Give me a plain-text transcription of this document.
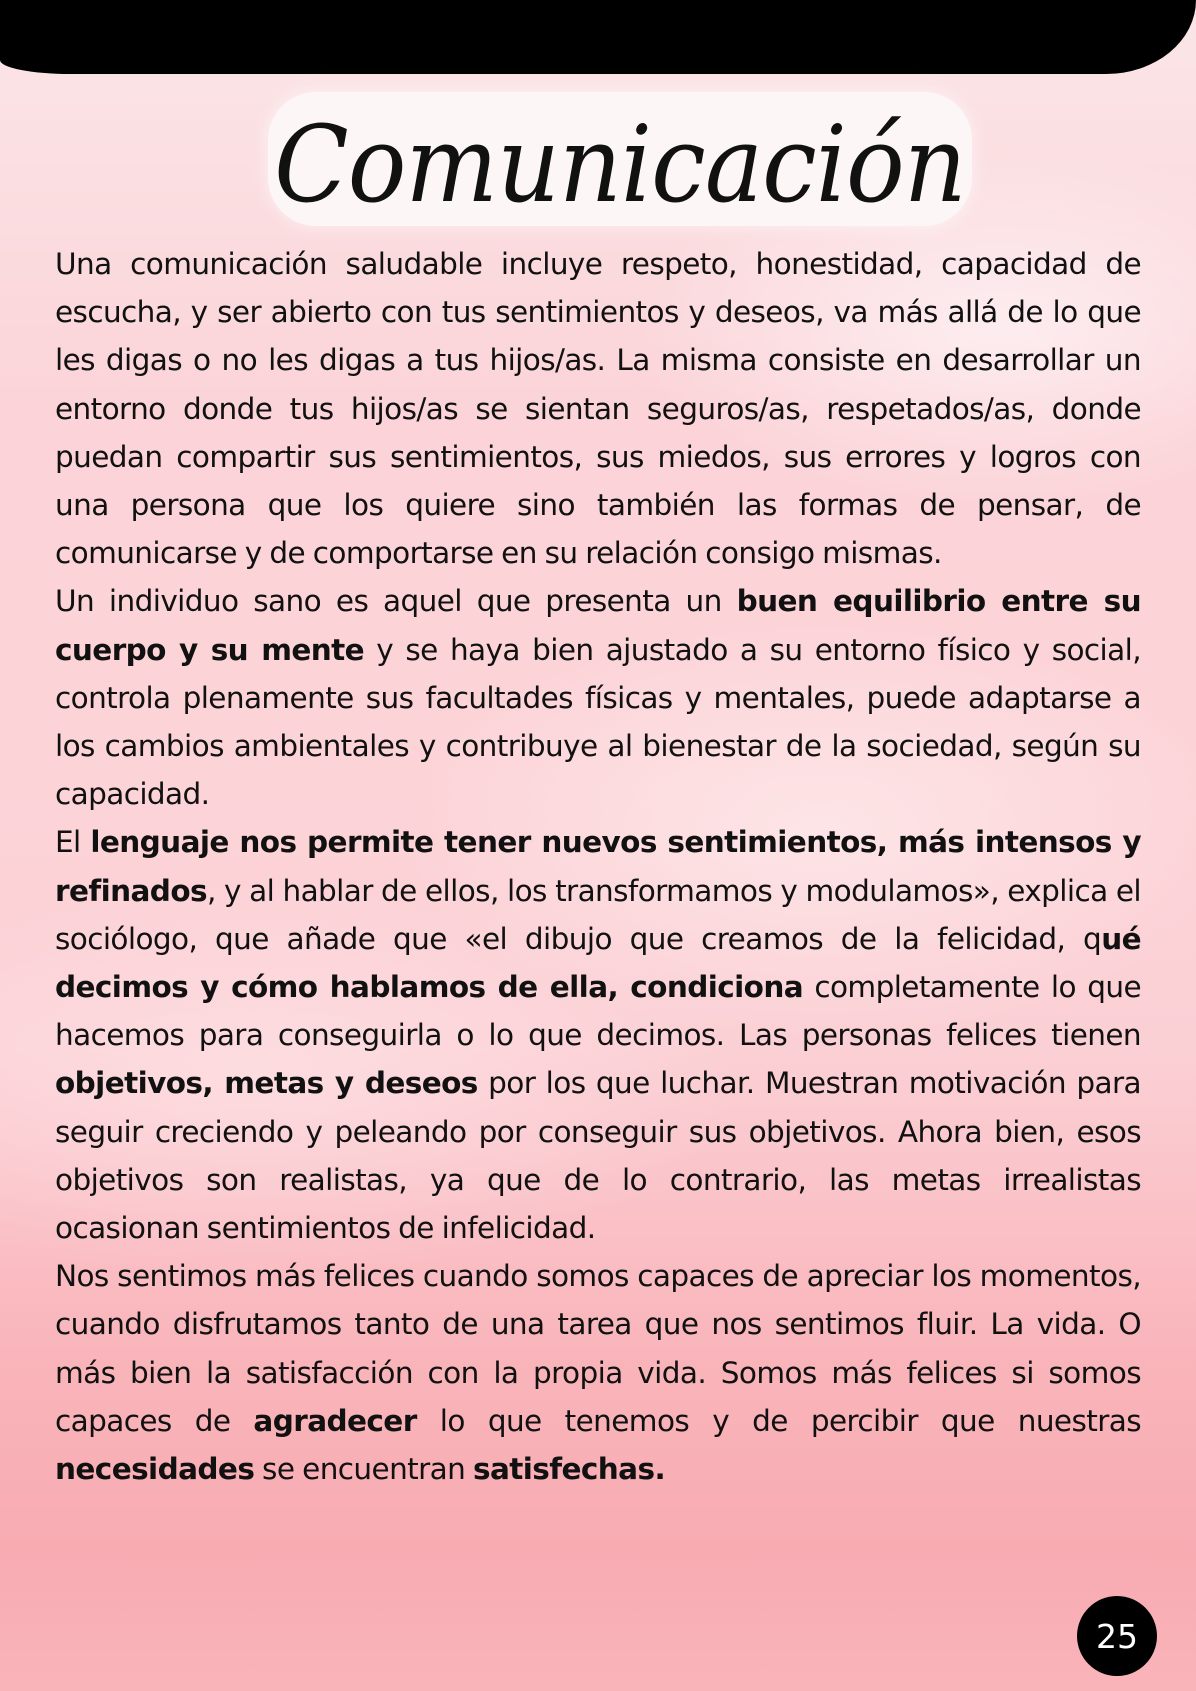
Comunicación

Una comunicación saludable incluye respeto, honestidad, capacidad de escucha, y ser abierto con tus sentimientos y deseos, va más allá de lo que les digas o no les digas a tus hijos/as. La misma consiste en desarrollar un entorno donde tus hijos/as se sientan seguros/as, respetados/as, donde puedan compartir sus sentimientos, sus miedos, sus errores y logros con una persona que los quiere sino también las formas de pensar, de comunicarse y de comportarse en su relación consigo mismas.

Un individuo sano es aquel que presenta un buen equilibrio entre su cuerpo y su mente y se haya bien ajustado a su entorno físico y social, controla plenamente sus facultades físicas y mentales, puede adaptarse a los cambios ambientales y contribuye al bienestar de la sociedad, según su capacidad.

El lenguaje nos permite tener nuevos sentimientos, más intensos y refinados, y al hablar de ellos, los transformamos y modulamos», explica el sociólogo, que añade que «el dibujo que creamos de la felicidad, qué decimos y cómo hablamos de ella, condiciona completamente lo que hacemos para conseguirla o lo que decimos. Las personas felices tienen objetivos, metas y deseos por los que luchar. Muestran motivación para seguir creciendo y peleando por conseguir sus objetivos. Ahora bien, esos objetivos son realistas, ya que de lo contrario, las metas irrealistas ocasionan sentimientos de infelicidad.

Nos sentimos más felices cuando somos capaces de apreciar los momentos, cuando disfrutamos tanto de una tarea que nos sentimos fluir. La vida. O más bien la satisfacción con la propia vida. Somos más felices si somos capaces de agradecer lo que tenemos y de percibir que nuestras necesidades se encuentran satisfechas.

25
